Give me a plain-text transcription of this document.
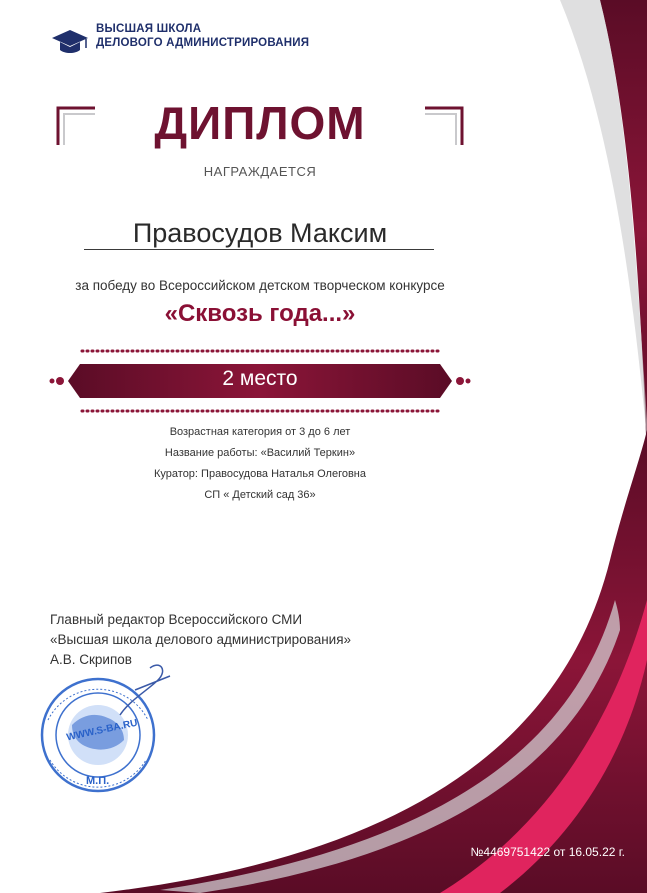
ВЫСШАЯ ШКОЛА
ДЕЛОВОГО АДМИНИСТРИРОВАНИЯ
ДИПЛОМ
НАГРАЖДАЕТСЯ
Правосудов Максим
за победу во Всероссийском детском творческом конкурсе
«Сквозь года...»
2 место
Возрастная категория от 3 до 6 лет
Название работы: «Василий Теркин»
Куратор: Правосудова Наталья Олеговна
СП « Детский сад 36»
Главный редактор Всероссийского СМИ
«Высшая школа делового администрирования»
А.В. Скрипов
WWW.S-BA.RU
М.П.
№4469751422 от 16.05.22 г.
